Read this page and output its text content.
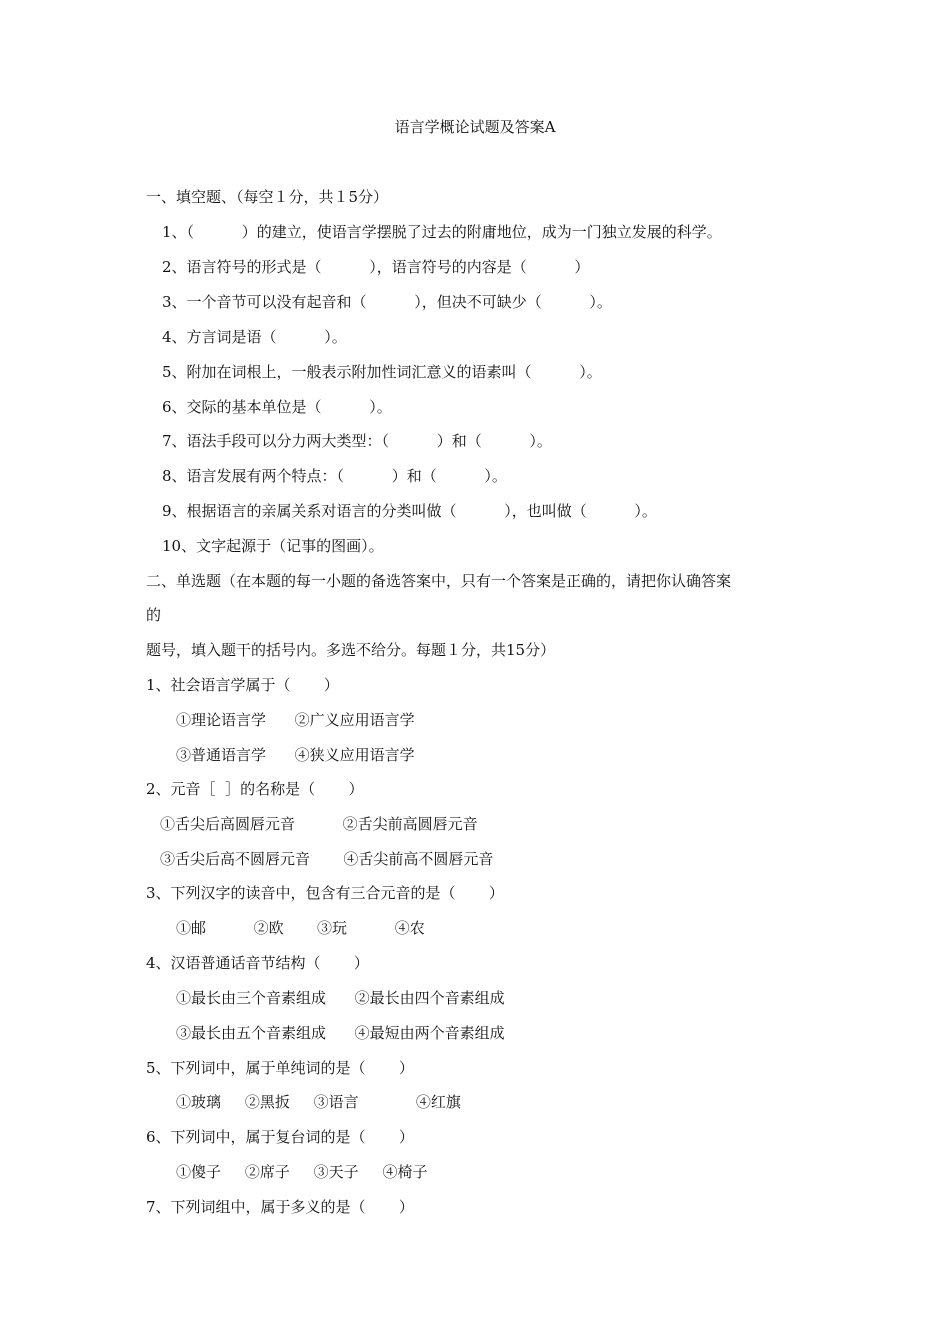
语言学概论试题及答案A
一、填空题、（每空１分，共１5分）
1、（          ）的建立，使语言学摆脱了过去的附庸地位，成为一门独立发展的科学。
2、语言符号的形式是（          ），语言符号的内容是（          ）
3、一个音节可以没有起音和（          ），但决不可缺少（          ）。
4、方言词是语（          ）。
5、附加在词根上，一般表示附加性词汇意义的语素叫（          ）。
6、交际的基本单位是（          ）。
7、语法手段可以分力两大类型：（          ）和（          ）。
8、语言发展有两个特点：（          ）和（          ）。
9、根据语言的亲属关系对语言的分类叫做（          ），也叫做（          ）。
10、文字起源于（记事的图画）。
二、单选题（在本题的每一小题的备选答案中，只有一个答案是正确的，请把你认确答案
的
题号，填入题干的括号内。多选不给分。每题１分，共15分）
1、社会语言学属于（       ）
①理论语言学      ②广义应用语言学
③普通语言学      ④狭义应用语言学
2、元音［  ］的名称是（       ）
①舌尖后高圆唇元音          ②舌尖前高圆唇元音
③舌尖后高不圆唇元音       ④舌尖前高不圆唇元音
3、下列汉字的读音中，包含有三合元音的是（       ）
①邮          ②欧       ③玩          ④农
4、汉语普通话音节结构（       ）
①最长由三个音素组成      ②最长由四个音素组成
③最长由五个音素组成      ④最短由两个音素组成
5、下列词中，属于单纯词的是（       ）
①玻璃     ②黑扳     ③语言            ④红旗
6、下列词中，属于复台词的是（       ）
①傻子     ②席子     ③天子     ④椅子
7、下列词组中，属于多义的是（       ）
